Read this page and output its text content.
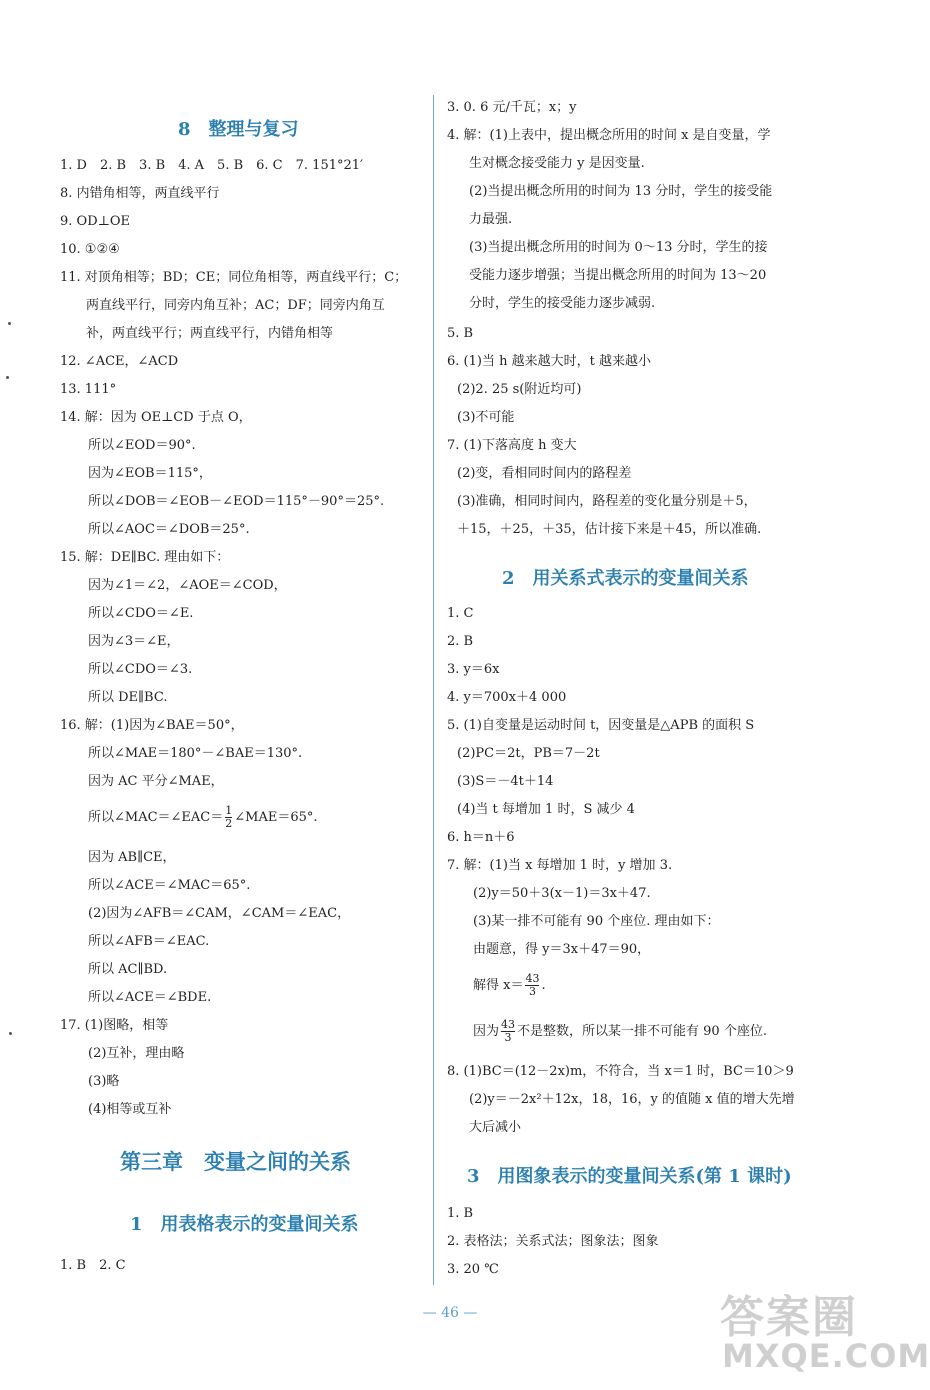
8　整理与复习
1. D　2. B　3. B　4. A　5. B　6. C　7. 151°21′
8. 内错角相等，两直线平行
9. OD⊥OE
10. ①②④
11. 对顶角相等；BD；CE；同位角相等，两直线平行；C；
两直线平行，同旁内角互补；AC；DF；同旁内角互
补，两直线平行；两直线平行，内错角相等
12. ∠ACE，∠ACD
13. 111°
14. 解：因为 OE⊥CD 于点 O，
所以∠EOD＝90°.
因为∠EOB＝115°，
所以∠DOB＝∠EOB－∠EOD＝115°－90°＝25°.
所以∠AOC＝∠DOB＝25°.
15. 解：DE∥BC. 理由如下：
因为∠1＝∠2，∠AOE＝∠COD，
所以∠CDO＝∠E.
因为∠3＝∠E，
所以∠CDO＝∠3.
所以 DE∥BC.
16. 解：(1)因为∠BAE＝50°，
所以∠MAE＝180°－∠BAE＝130°.
因为 AC 平分∠MAE，
所以∠MAC＝∠EAC＝ $\frac{1}{2}$ ∠MAE＝65°.
因为 AB∥CE，
所以∠ACE＝∠MAC＝65°.
(2)因为∠AFB＝∠CAM，∠CAM＝∠EAC，
所以∠AFB＝∠EAC.
所以 AC∥BD.
所以∠ACE＝∠BDE.
17. (1)图略，相等
(2)互补，理由略
(3)略
(4)相等或互补
第三章　变量之间的关系
1　用表格表示的变量间关系
1. B　2. C
3. 0. 6 元/千瓦；x；y
4. 解：(1)上表中，提出概念所用的时间 x 是自变量，学
生对概念接受能力 y 是因变量.
(2)当提出概念所用的时间为 13 分时，学生的接受能
力最强.
(3)当提出概念所用的时间为 0～13 分时，学生的接
受能力逐步增强；当提出概念所用的时间为 13～20
分时，学生的接受能力逐步减弱.
5. B
6. (1)当 h 越来越大时，t 越来越小
(2)2. 25 s(附近均可)
(3)不可能
7. (1)下落高度 h 变大
(2)变，看相同时间内的路程差
(3)准确，相同时间内，路程差的变化量分别是＋5，
＋15，＋25，＋35，估计接下来是＋45，所以准确.
2　用关系式表示的变量间关系
1. C
2. B
3. y＝6x
4. y＝700x＋4 000
5. (1)自变量是运动时间 t，因变量是△APB 的面积 S
(2)PC＝2t，PB＝7－2t
(3)S＝－4t＋14
(4)当 t 每增加 1 时，S 减少 4
6. h＝n＋6
7. 解：(1)当 x 每增加 1 时，y 增加 3.
(2)y＝50＋3(x－1)＝3x＋47.
(3)某一排不可能有 90 个座位. 理由如下：
由题意，得 y＝3x＋47＝90，
解得 $x= \frac{43}{3}$ .
因为 $\frac{43}{3}$ 不是整数，所以某一排不可能有 90 个座位.
8. (1)BC＝(12－2x)m，不符合，当 x＝1 时，BC＝10＞9
(2)y＝－2x²＋12x，18，16，y 的值随 x 值的增大先增
大后减小
3　用图象表示的变量间关系(第 1 课时)
1. B
2. 表格法；关系式法；图象法；图象
3. 20 ℃
— 46 —	答案圈
MXQE.COM
